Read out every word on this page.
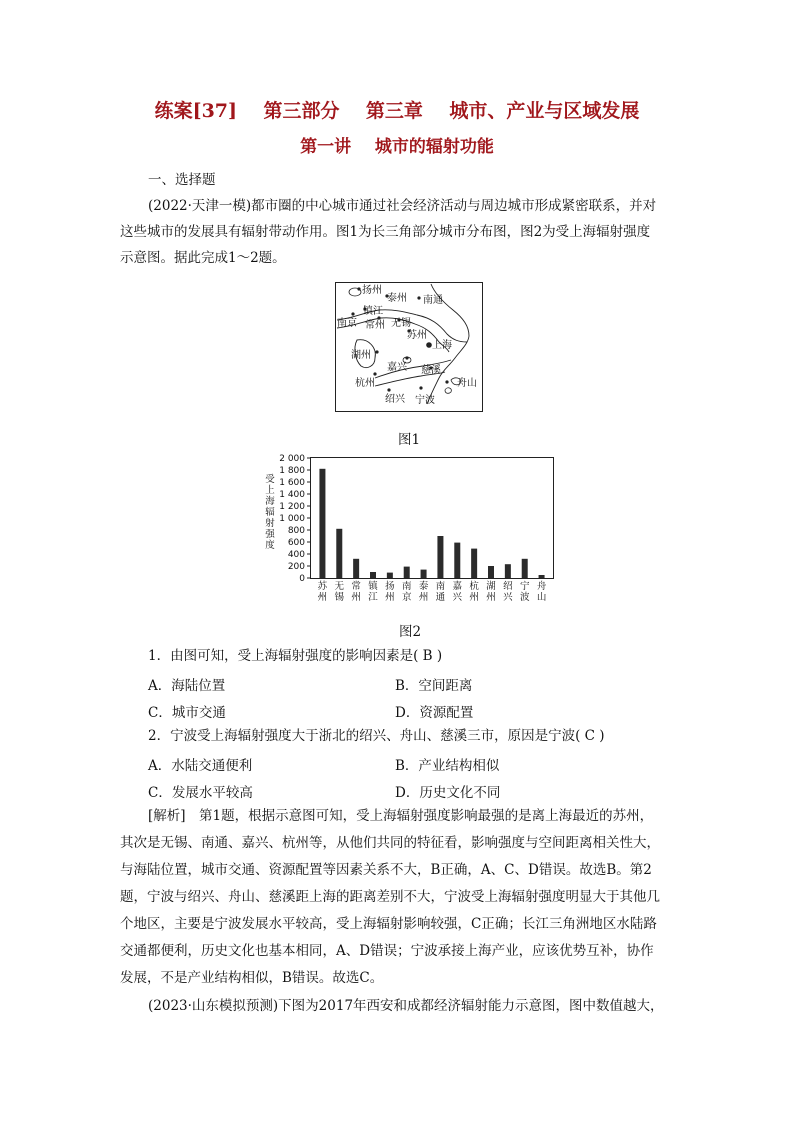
练案[37]    第三部分    第三章    城市、产业与区域发展
第一讲    城市的辐射功能
一、选择题
(2022·天津一模)都市圈的中心城市通过社会经济活动与周边城市形成紧密联系，并对
这些城市的发展具有辐射带动作用。图1为长三角部分城市分布图，图2为受上海辐射强度
示意图。据此完成1～2题。
扬州
泰州 南通
镇江
南京 常州 无锡
苏州
上海
湖州
嘉兴 慈溪
杭州	舟山
绍兴 宁波
图1
受
上
海
辐
射
强
度
0
200
400
600
800
1 000
1 200
1 400
1 600
1 800
2 000
苏
州
无
锡
常
州
镇
江
扬
州
南
京
泰
州
南
通
嘉
兴
杭
州
湖
州
绍
兴
宁
波
舟
山
图2
1．由图可知，受上海辐射强度的影响因素是( B )
A．海陆位置	B．空间距离
C．城市交通	D．资源配置
2．宁波受上海辐射强度大于浙北的绍兴、舟山、慈溪三市，原因是宁波( C )
A．水陆交通便利	B．产业结构相似
C．发展水平较高	D．历史文化不同
[解析]　第1题，根据示意图可知，受上海辐射强度影响最强的是离上海最近的苏州，
其次是无锡、南通、嘉兴、杭州等，从他们共同的特征看，影响强度与空间距离相关性大，
与海陆位置，城市交通、资源配置等因素关系不大，B正确，A、C、D错误。故选B。第2
题，宁波与绍兴、舟山、慈溪距上海的距离差别不大，宁波受上海辐射强度明显大于其他几
个地区，主要是宁波发展水平较高，受上海辐射影响较强，C正确；长江三角洲地区水陆路
交通都便利，历史文化也基本相同，A、D错误；宁波承接上海产业，应该优势互补，协作
发展，不是产业结构相似，B错误。故选C。
(2023·山东模拟预测)下图为2017年西安和成都经济辐射能力示意图，图中数值越大，
